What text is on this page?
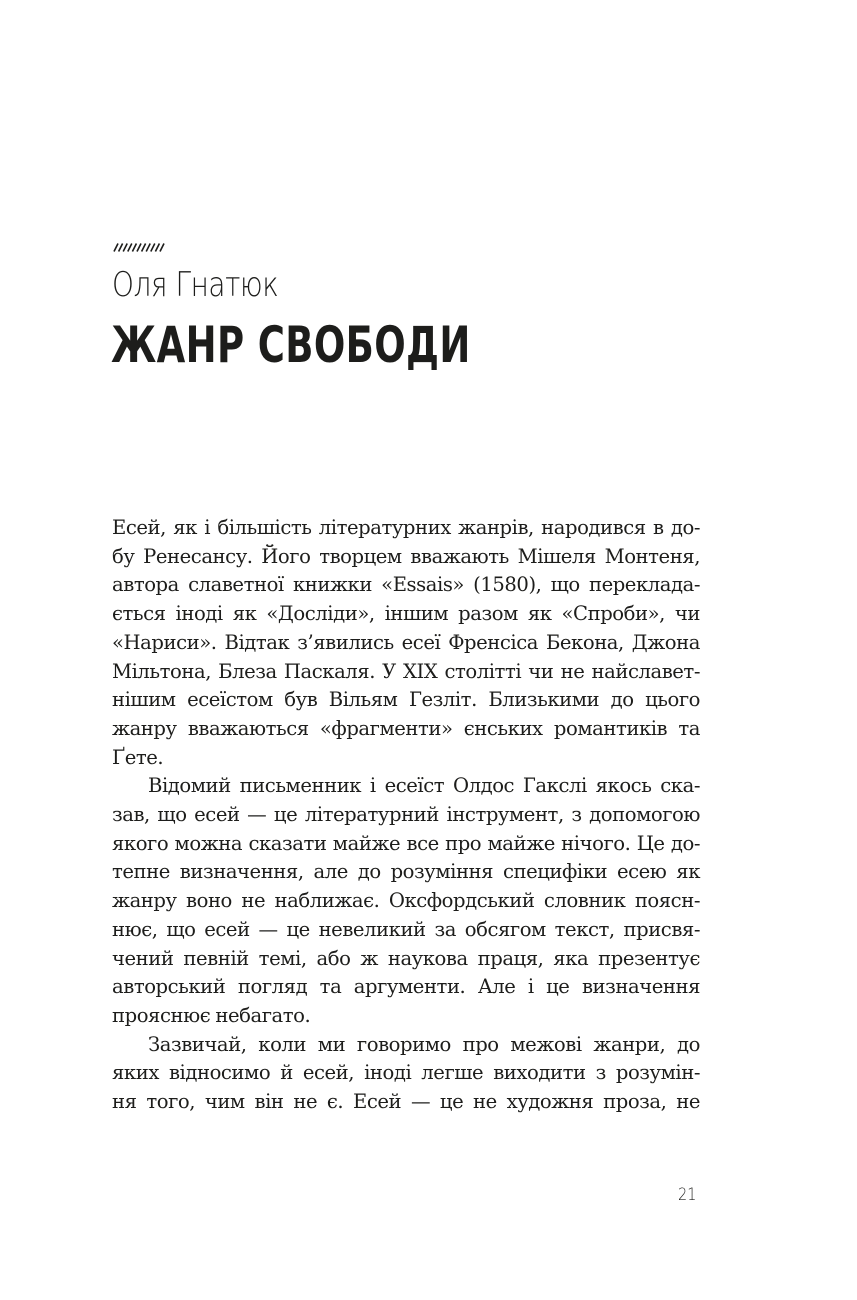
Оля Гнатюк
ЖАНР СВОБОДИ
Есей, як і більшість літературних жанрів, народився в до-
бу Ренесансу. Його творцем вважають Мішеля Монтеня,
автора славетної книжки «Essais» (1580), що переклада-
ється іноді як «Досліди», іншим разом як «Спроби», чи
«Нариси». Відтак з’явились есеї Френсіса Бекона, Джона
Мільтона, Блеза Паскаля. У XIX столітті чи не найславет-
нішим есеїстом був Вільям Гезліт. Близькими до цього
жанру вважаються «фрагменти» єнських романтиків та
Ґете.
Відомий письменник і есеїст Олдос Гакслі якось ска-
зав, що есей — це літературний інструмент, з допомогою
якого можна сказати майже все про майже нічого. Це до-
тепне визначення, але до розуміння специфіки есею як
жанру воно не наближає. Оксфордський словник поясн-
нює, що есей — це невеликий за обсягом текст, присвя-
чений певній темі, або ж наукова праця, яка презентує
авторський погляд та аргументи. Але і це визначення
прояснює небагато.
Зазвичай, коли ми говоримо про межові жанри, до
яких відносимо й есей, іноді легше виходити з розумін-
ня того, чим він не є. Есей — це не художня проза, не
21
